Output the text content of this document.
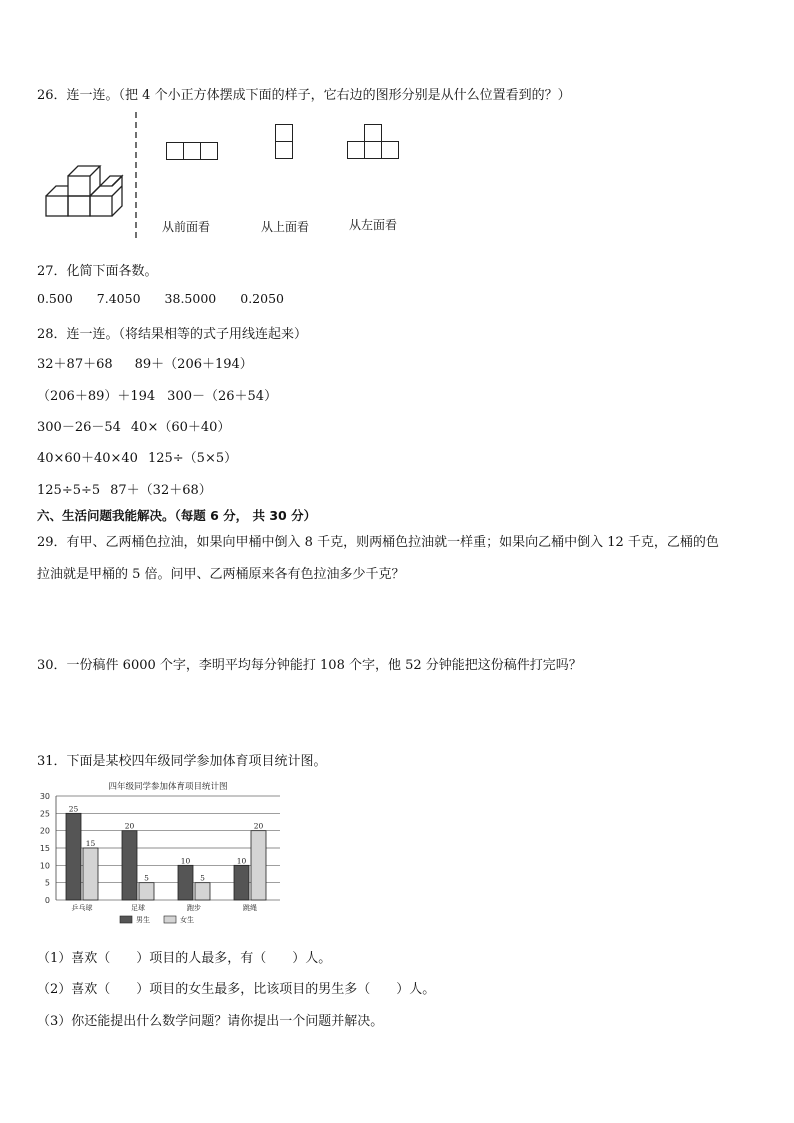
26．连一连。（把 4 个小正方体摆成下面的样子，它右边的图形分别是从什么位置看到的？）
从前面看	从上面看	从左面看
27．化简下面各数。
0.500 7.4050 38.5000 0.2050
28．连一连。（将结果相等的式子用线连起来）
32＋87＋68 89＋（206＋194）
（206＋89）＋194 300－（26＋54）
300－26－54 40×（60＋40）
40×60＋40×40 125÷（5×5）
125÷5÷5 87＋（32＋68）
六、生活问题我能解决。（每题 6 分， 共 30 分）
29．有甲、乙两桶色拉油，如果向甲桶中倒入 8 千克，则两桶色拉油就一样重；如果向乙桶中倒入 12 千克，乙桶的色
拉油就是甲桶的 5 倍。问甲、乙两桶原来各有色拉油多少千克？
30．一份稿件 6000 个字，李明平均每分钟能打 108 个字，他 52 分钟能把这份稿件打完吗？
31．下面是某校四年级同学参加体育项目统计图。
四年级同学参加体育项目统计图
0
5
10
15
20
25
30
25
15
乒乓球
20
5
足球
10
5
跑步
10
20
跳绳
男生	女生
（1）喜欢（　　）项目的人最多，有（　　）人。
（2）喜欢（　　）项目的女生最多，比该项目的男生多（　　）人。
（3）你还能提出什么数学问题？请你提出一个问题并解决。
